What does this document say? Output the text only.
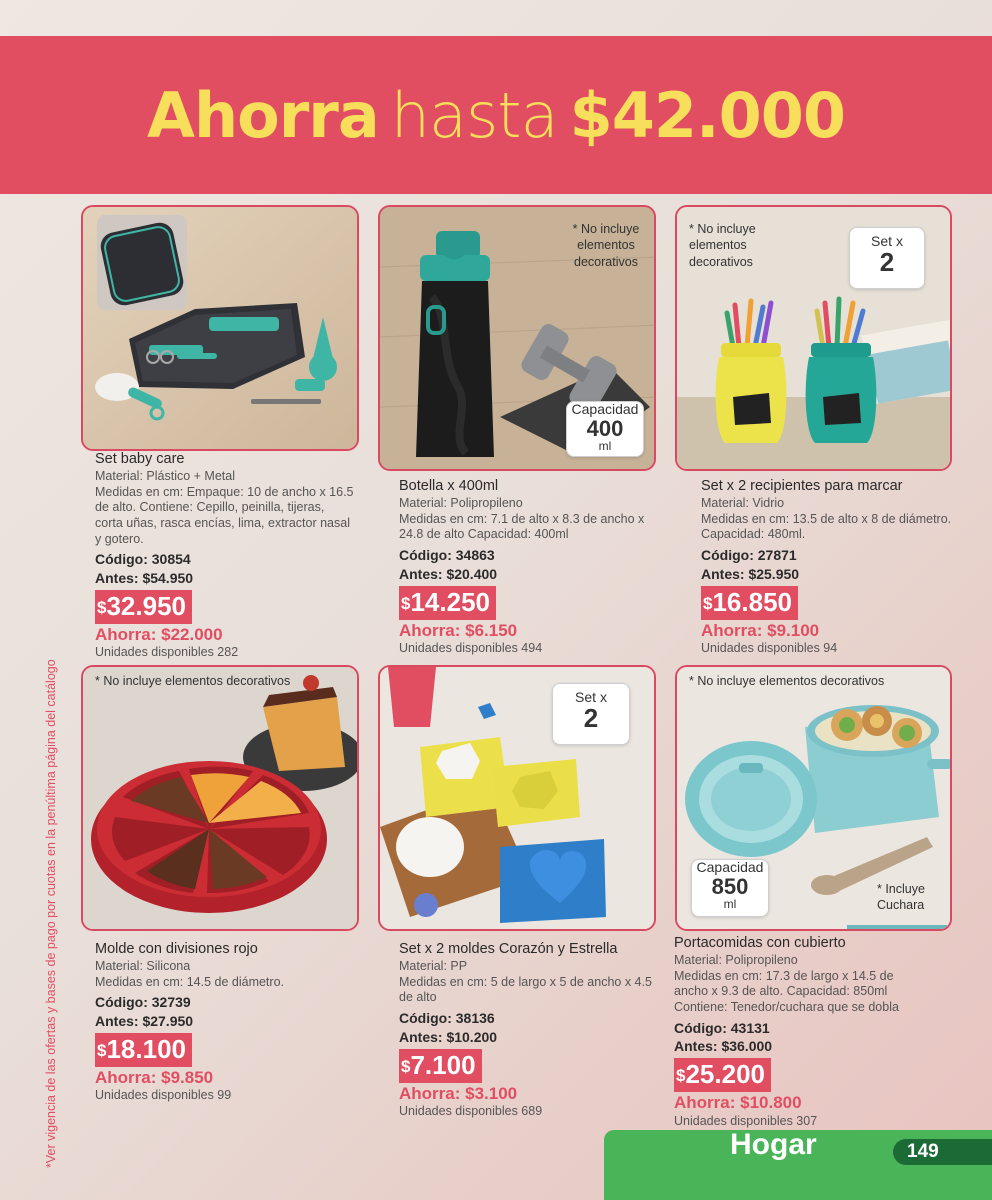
Ahorra hasta $42.000
*Ver vigencia de las ofertas y bases de pago por cuotas en la penúltima página del catálogo
Set baby care
Material: Plástico + Metal
Medidas en cm: Empaque: 10 de ancho x 16.5 de alto. Contiene: Cepillo, peinilla, tijeras, corta uñas, rasca encías, lima, extractor nasal y gotero.
Código: 30854
Antes: $54.950
$32.950
Ahorra: $22.000
Unidades disponibles 282
* No incluye elementos decorativos
Capacidad
400
ml
Botella x 400ml
Material: Polipropileno
Medidas en cm: 7.1 de alto x 8.3 de ancho x 24.8 de alto Capacidad: 400ml
Código: 34863
Antes: $20.400
$14.250
Ahorra: $6.150
Unidades disponibles 494
* No incluye elementos decorativos
Set x
2
Set x 2 recipientes para marcar
Material: Vidrio
Medidas en cm: 13.5 de alto x 8 de diámetro. Capacidad: 480ml.
Código: 27871
Antes: $25.950
$16.850
Ahorra: $9.100
Unidades disponibles 94
* No incluye elementos decorativos
Molde con divisiones rojo
Material: Silicona
Medidas en cm: 14.5 de diámetro.
Código: 32739
Antes: $27.950
$18.100
Ahorra: $9.850
Unidades disponibles 99
Set x
2
Set x 2 moldes Corazón y Estrella
Material: PP
Medidas en cm: 5 de largo x 5 de ancho x 4.5 de alto
Código: 38136
Antes: $10.200
$7.100
Ahorra: $3.100
Unidades disponibles 689
* No incluye elementos decorativos
* Incluye Cuchara
Capacidad
850
ml
Portacomidas con cubierto
Material: Polipropileno
Medidas en cm: 17.3 de largo x 14.5 de ancho x 9.3 de alto. Capacidad: 850ml
Contiene: Tenedor/cuchara que se dobla
Código: 43131
Antes: $36.000
$25.200
Ahorra: $10.800
Unidades disponibles 307
Hogar	149
